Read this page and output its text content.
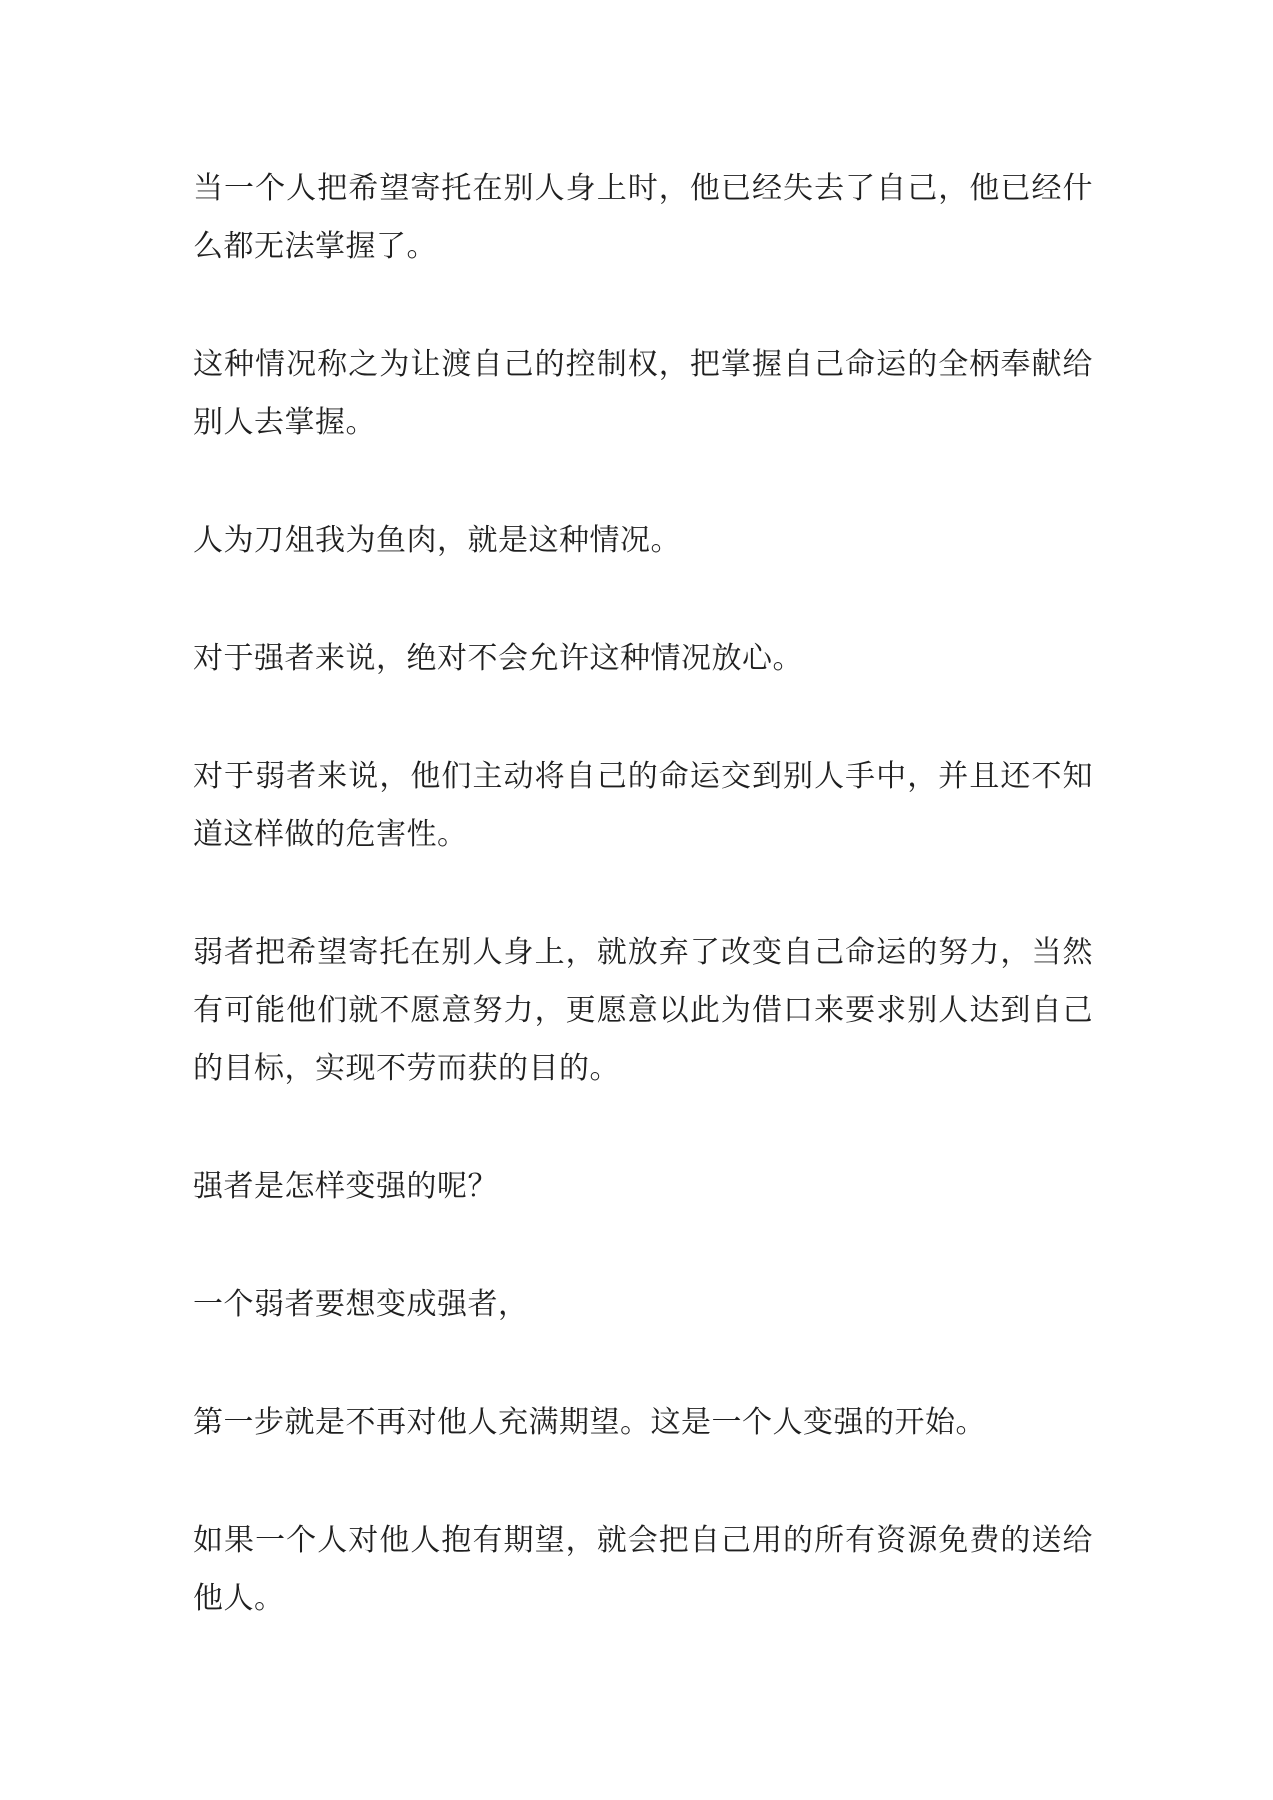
当一个人把希望寄托在别人身上时，他已经失去了自己，他已经什么都无法掌握了。

这种情况称之为让渡自己的控制权，把掌握自己命运的全柄奉献给别人去掌握。

人为刀俎我为鱼肉，就是这种情况。

对于强者来说，绝对不会允许这种情况放心。

对于弱者来说，他们主动将自己的命运交到别人手中，并且还不知道这样做的危害性。

弱者把希望寄托在别人身上，就放弃了改变自己命运的努力，当然有可能他们就不愿意努力，更愿意以此为借口来要求别人达到自己的目标，实现不劳而获的目的。

强者是怎样变强的呢？

一个弱者要想变成强者，

第一步就是不再对他人充满期望。这是一个人变强的开始。

如果一个人对他人抱有期望，就会把自己用的所有资源免费的送给他人。
